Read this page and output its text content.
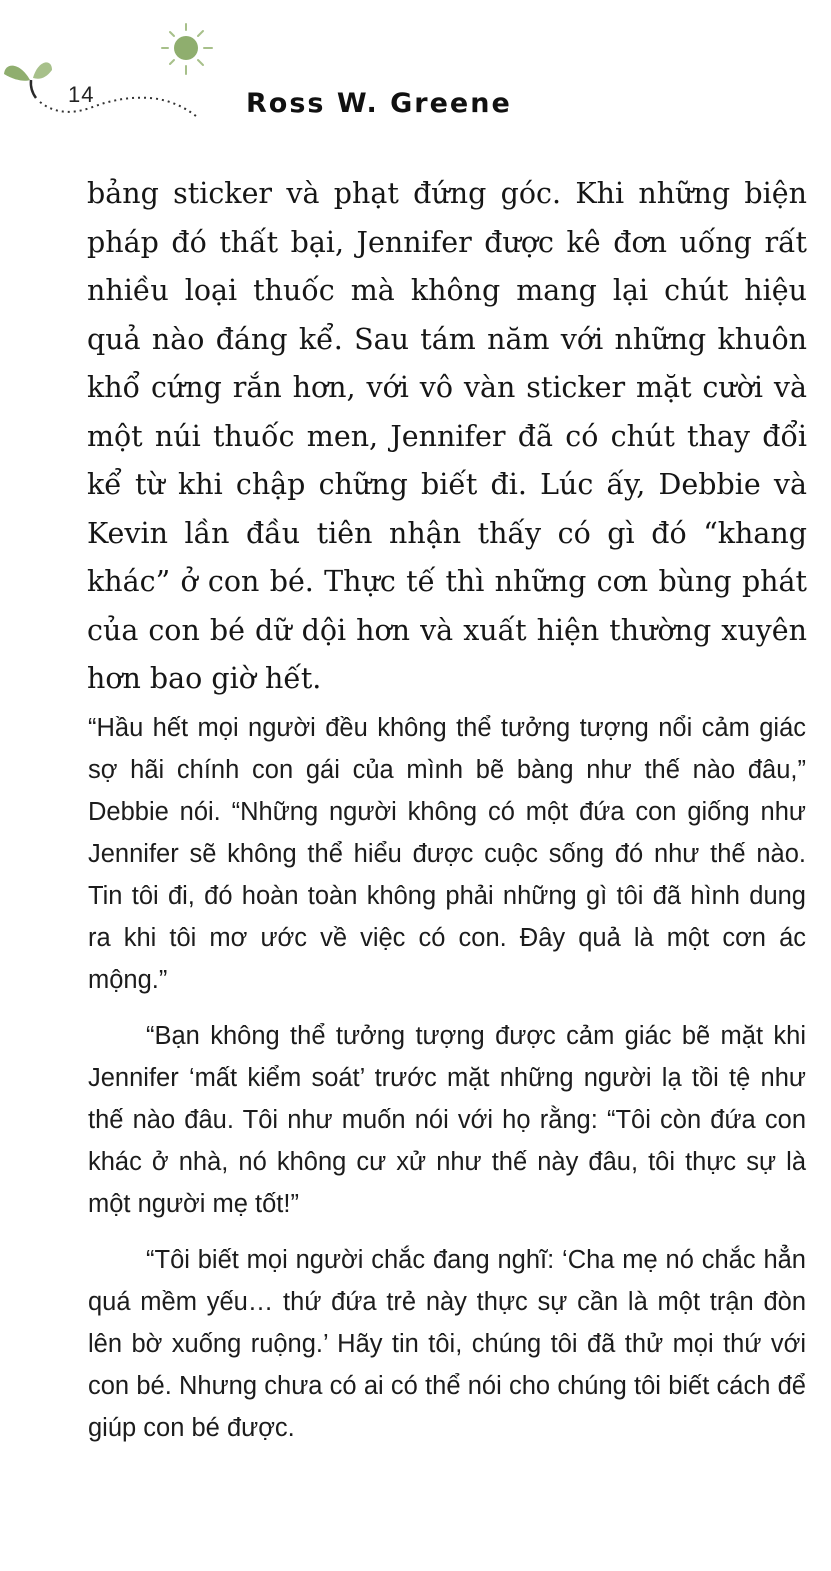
14	Ross W. Greene

bảng sticker và phạt đứng góc. Khi những biện pháp đó thất bại, Jennifer được kê đơn uống rất nhiều loại thuốc mà không mang lại chút hiệu quả nào đáng kể. Sau tám năm với những khuôn khổ cứng rắn hơn, với vô vàn sticker mặt cười và một núi thuốc men, Jennifer đã có chút thay đổi kể từ khi chập chững biết đi. Lúc ấy, Debbie và Kevin lần đầu tiên nhận thấy có gì đó “khang khác” ở con bé. Thực tế thì những cơn bùng phát của con bé dữ dội hơn và xuất hiện thường xuyên hơn bao giờ hết.

“Hầu hết mọi người đều không thể tưởng tượng nổi cảm giác sợ hãi chính con gái của mình bẽ bàng như thế nào đâu,” Debbie nói. “Những người không có một đứa con giống như Jennifer sẽ không thể hiểu được cuộc sống đó như thế nào. Tin tôi đi, đó hoàn toàn không phải những gì tôi đã hình dung ra khi tôi mơ ước về việc có con. Đây quả là một cơn ác mộng.”

“Bạn không thể tưởng tượng được cảm giác bẽ mặt khi Jennifer ‘mất kiểm soát’ trước mặt những người lạ tồi tệ như thế nào đâu. Tôi như muốn nói với họ rằng: “Tôi còn đứa con khác ở nhà, nó không cư xử như thế này đâu, tôi thực sự là một người mẹ tốt!”

“Tôi biết mọi người chắc đang nghĩ: ‘Cha mẹ nó chắc hẳn quá mềm yếu… thứ đứa trẻ này thực sự cần là một trận đòn lên bờ xuống ruộng.’ Hãy tin tôi, chúng tôi đã thử mọi thứ với con bé. Nhưng chưa có ai có thể nói cho chúng tôi biết cách để giúp con bé được.
